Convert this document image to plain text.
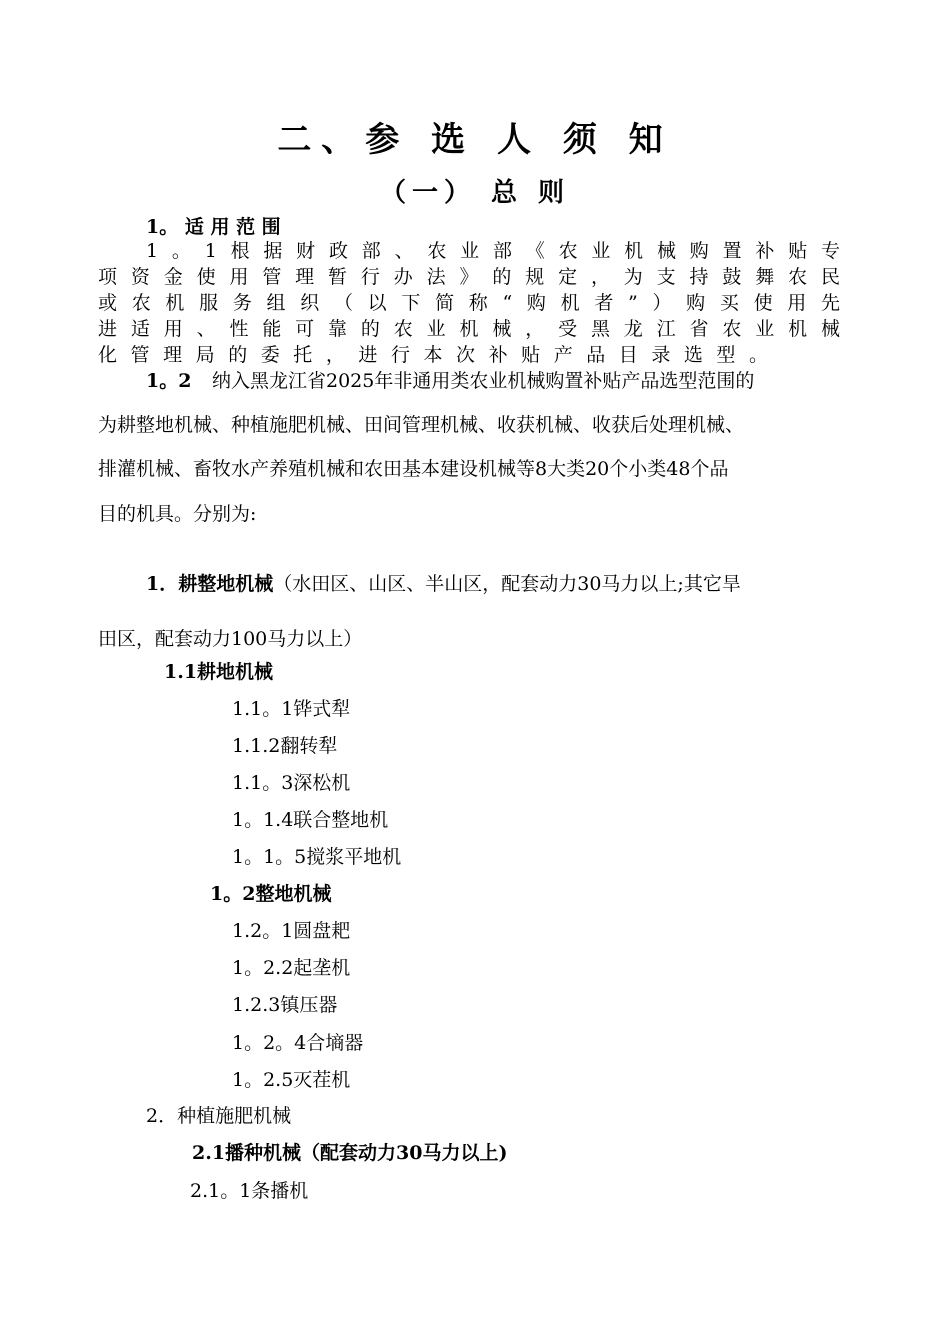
二、参 选 人 须 知
（一） 总 则
1。 适 用 范 围
1。1根据财政部、农业部《农业机械购置补贴专
项资金使用管理暂行办法》的规定，为支持鼓舞农民
或农机服务组织（以下简称“购机者”）购买使用先
进适用、性能可靠的农业机械，受黑龙江省农业机械
化管理局的委托，进行本次补贴产品目录选型。
1。2 纳入黑龙江省2025年非通用类农业机械购置补贴产品选型范围的
为耕整地机械、种植施肥机械、田间管理机械、收获机械、收获后处理机械、
排灌机械、畜牧水产养殖机械和农田基本建设机械等8大类20个小类48个品
目的机具。分别为:
1．耕整地机械（水田区、山区、半山区，配套动力30马力以上;其它旱
田区，配套动力100马力以上）
1.1耕地机械
1.1。1铧式犁
1.1.2翻转犁
1.1。3深松机
1。1.4联合整地机
1。1。5搅浆平地机
1。2整地机械
1.2。1圆盘耙
1。2.2起垄机
1.2.3镇压器
1。2。4合墒器
1。2.5灭茬机
2．种植施肥机械
2.1播种机械（配套动力30马力以上)
2.1。1条播机
